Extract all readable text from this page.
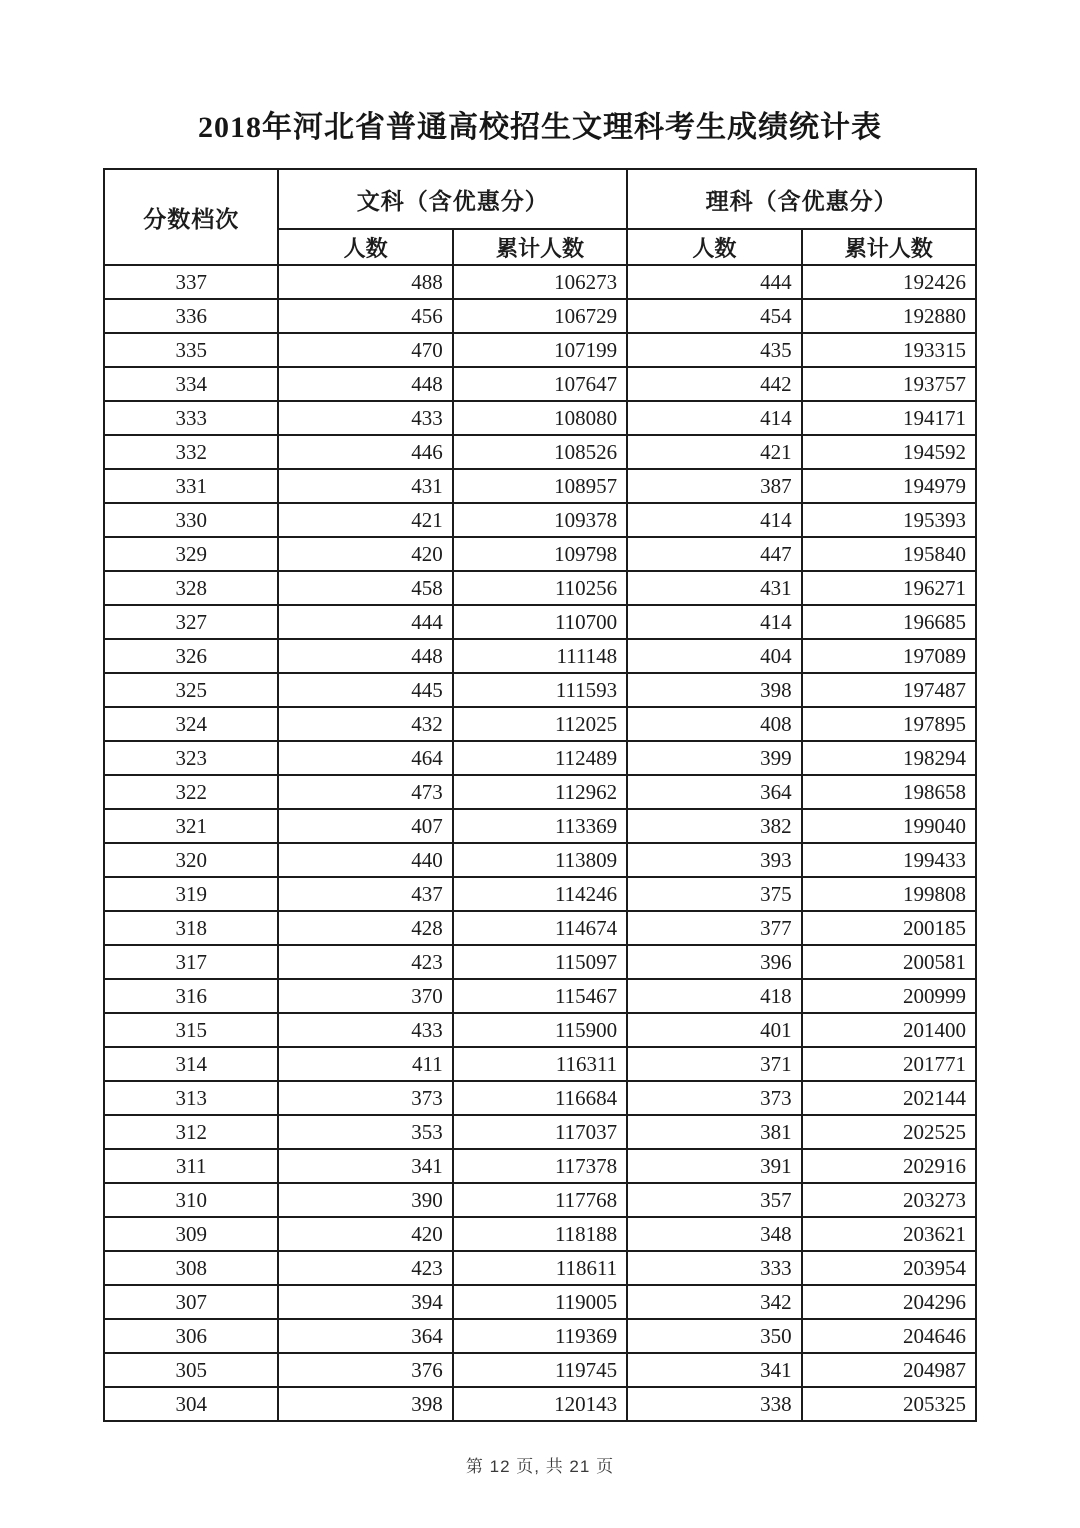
2018年河北省普通高校招生文理科考生成绩统计表
分数档次	文科（含优惠分）		理科（含优惠分）	
	人数	累计人数	人数	累计人数
337	488	106273	444	192426
336	456	106729	454	192880
335	470	107199	435	193315
334	448	107647	442	193757
333	433	108080	414	194171
332	446	108526	421	194592
331	431	108957	387	194979
330	421	109378	414	195393
329	420	109798	447	195840
328	458	110256	431	196271
327	444	110700	414	196685
326	448	111148	404	197089
325	445	111593	398	197487
324	432	112025	408	197895
323	464	112489	399	198294
322	473	112962	364	198658
321	407	113369	382	199040
320	440	113809	393	199433
319	437	114246	375	199808
318	428	114674	377	200185
317	423	115097	396	200581
316	370	115467	418	200999
315	433	115900	401	201400
314	411	116311	371	201771
313	373	116684	373	202144
312	353	117037	381	202525
311	341	117378	391	202916
310	390	117768	357	203273
309	420	118188	348	203621
308	423	118611	333	203954
307	394	119005	342	204296
306	364	119369	350	204646
305	376	119745	341	204987
304	398	120143	338	205325
第 12 页, 共 21 页
